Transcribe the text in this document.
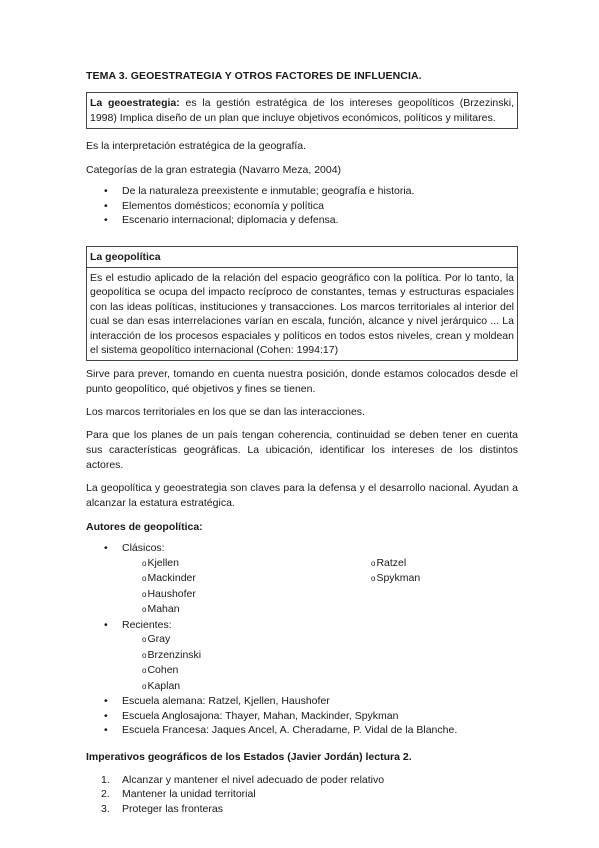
TEMA 3. GEOESTRATEGIA Y OTROS FACTORES DE INFLUENCIA.
La geoestrategia: es la gestión estratégica de los intereses geopolíticos (Brzezinski, 1998) Implica diseño de un plan que incluye objetivos económicos, políticos y militares.

Es la interpretación estratégica de la geografía.

Categorías de la gran estrategia (Navarro Meza, 2004)

• De la naturaleza preexistente e inmutable; geografía e historia.
• Elementos domésticos; economía y política
• Escenario internacional; diplomacia y defensa.
La geopolítica
Es el estudio aplicado de la relación del espacio geográfico con la política. Por lo tanto, la geopolítica se ocupa del impacto recíproco de constantes, temas y estructuras espaciales con las ideas políticas, instituciones y transacciones. Los marcos territoriales al interior del cual se dan esas interrelaciones varían en escala, función, alcance y nivel jerárquico ... La interacción de los procesos espaciales y políticos en todos estos niveles, crean y moldean el sistema geopolítico internacional (Cohen: 1994:17)

Sirve para prever, tomando en cuenta nuestra posición, donde estamos colocados desde el punto geopolítico, qué objetivos y fines se tienen.

Los marcos territoriales en los que se dan las interacciones.

Para que los planes de un país tengan coherencia, continuidad se deben tener en cuenta sus características geográficas. La ubicación, identificar los intereses de los distintos actores.

La geopolítica y geoestrategia son claves para la defensa y el desarrollo nacional. Ayudan a alcanzar la estatura estratégica.

Autores de geopolítica:

• Clásicos:
oKjellen
oMackinder
oHaushofer
oMahan
oRatzel
oSpykman
• Recientes:
oGray
oBrzenzinski
oCohen
oKaplan
• Escuela alemana: Ratzel, Kjellen, Haushofer
• Escuela Anglosajona: Thayer, Mahan, Mackinder, Spykman
• Escuela Francesa: Jaques Ancel, A. Cheradame, P. Vidal de la Blanche.

Imperativos geográficos de los Estados (Javier Jordán) lectura 2.

1. Alcanzar y mantener el nivel adecuado de poder relativo
2. Mantener la unidad territorial
3. Proteger las fronteras
